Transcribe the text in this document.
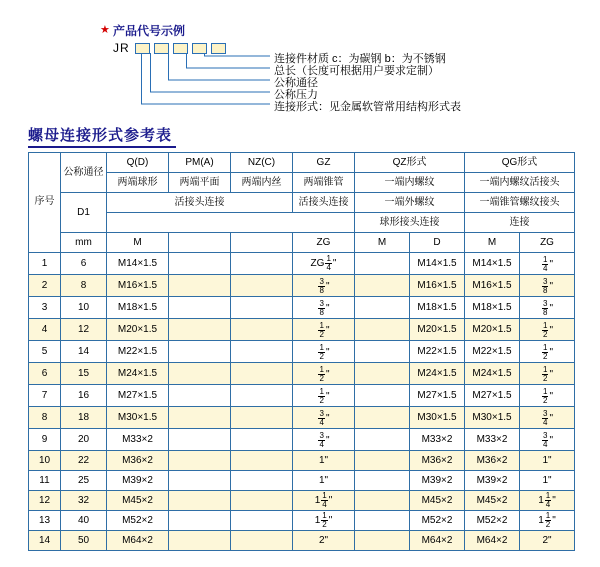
★ 产品代号示例
JR
连接件材质 c：为碳钢 b：为不锈钢
总长（长度可根据用户要求定制）
公称通径
公称压力
连接形式：见金属软管常用结构形式表
螺母连接形式参考表
序号	公称通径	Q(D)	PM(A)	NZ(C)	GZ	QZ形式		QG形式	
		两端球形	两端平面	两端内丝	两端锥管	一端内螺纹		一端内螺纹活接头	
	D1	活接头连接			活接头连接	一端外螺纹		一端锥管螺纹接头	
						球形接头连接		连接	
	mm	M			ZG	M	D	M	ZG
1	6	M14×1.5			ZG $\frac{1}{4}$ "		M14×1.5	M14×1.5	$\frac{1}{4}$ "

2	8	M16×1.5			$\frac{3}{8}$ "		M16×1.5	M16×1.5	$\frac{3}{8}$ "

3	10	M18×1.5			$\frac{3}{8}$ "		M18×1.5	M18×1.5	$\frac{3}{8}$ "

4	12	M20×1.5			$\frac{1}{2}$ "		M20×1.5	M20×1.5	$\frac{1}{2}$ "

5	14	M22×1.5			$\frac{1}{2}$ "		M22×1.5	M22×1.5	$\frac{1}{2}$ "

6	15	M24×1.5			$\frac{1}{2}$ "		M24×1.5	M24×1.5	$\frac{1}{2}$ "

7	16	M27×1.5			$\frac{1}{2}$ "		M27×1.5	M27×1.5	$\frac{1}{2}$ "

8	18	M30×1.5			$\frac{3}{4}$ "		M30×1.5	M30×1.5	$\frac{3}{4}$ "

9	20	M33×2			$\frac{3}{4}$ "		M33×2	M33×2	$\frac{3}{4}$ "

10	22	M36×2			1"		M36×2	M36×2	1"
11	25	M39×2			1"		M39×2	M39×2	1"
12	32	M45×2			$1 \frac{1}{4}$ "		M45×2	M45×2	$1 \frac{1}{4}$ "

13	40	M52×2			$1 \frac{1}{2}$ "		M52×2	M52×2	$1 \frac{1}{2}$ "

14	50	M64×2			2"		M64×2	M64×2	2"
